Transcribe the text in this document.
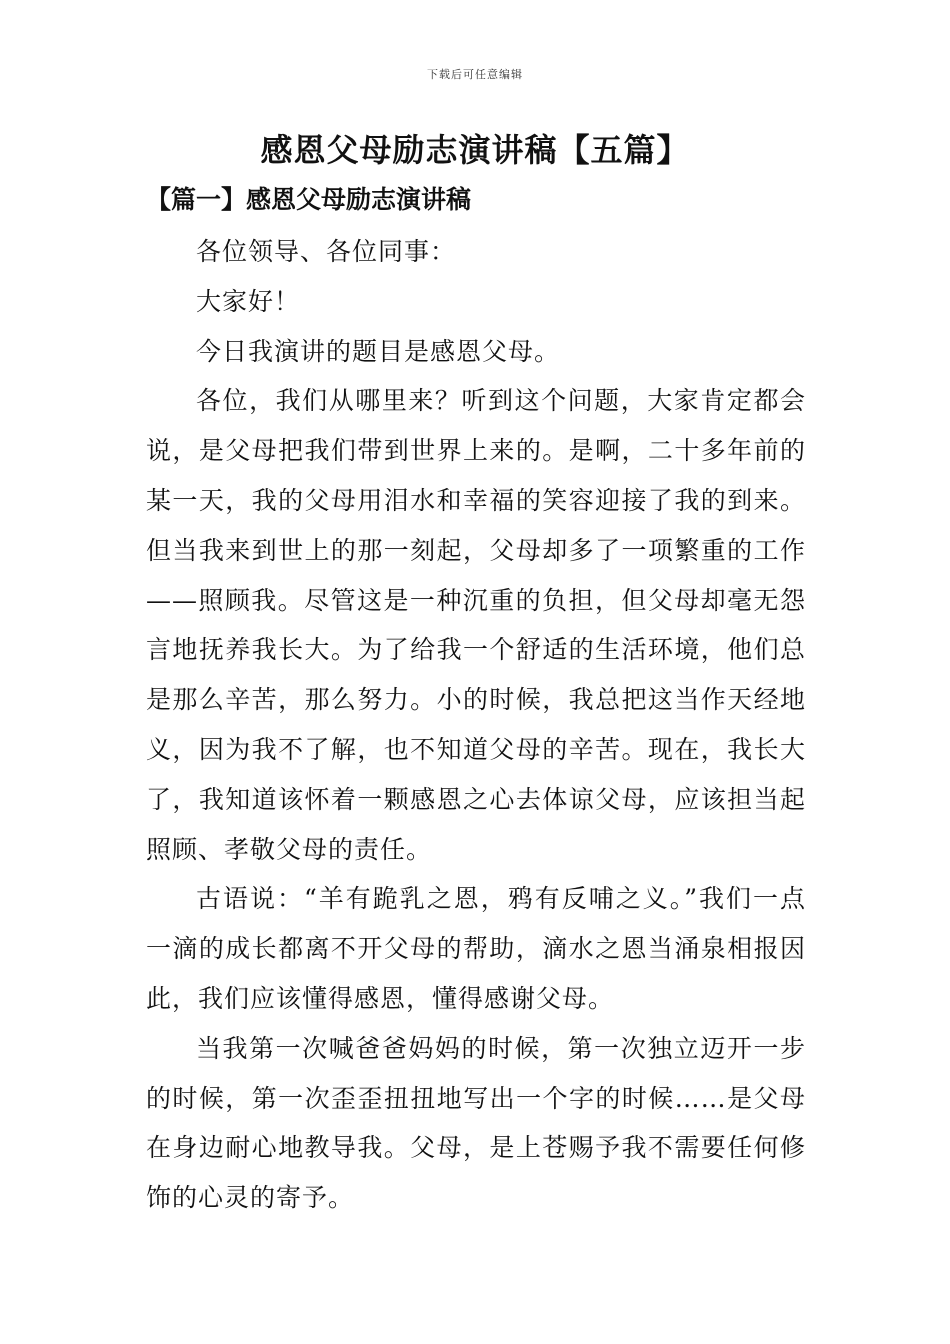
下载后可任意编辑
感恩父母励志演讲稿【五篇】
【篇一】感恩父母励志演讲稿

各位领导、各位同事：

大家好！

今日我演讲的题目是感恩父母。

各位，我们从哪里来？听到这个问题，大家肯定都会说，是父母把我们带到世界上来的。是啊，二十多年前的某一天，我的父母用泪水和幸福的笑容迎接了我的到来。但当我来到世上的那一刻起，父母却多了一项繁重的工作——照顾我。尽管这是一种沉重的负担，但父母却毫无怨言地抚养我长大。为了给我一个舒适的生活环境，他们总是那么辛苦，那么努力。小的时候，我总把这当作天经地义，因为我不了解，也不知道父母的辛苦。现在，我长大了，我知道该怀着一颗感恩之心去体谅父母，应该担当起照顾、孝敬父母的责任。

古语说：“羊有跪乳之恩，鸦有反哺之义。”我们一点一滴的成长都离不开父母的帮助，滴水之恩当涌泉相报因此，我们应该懂得感恩，懂得感谢父母。

当我第一次喊爸爸妈妈的时候，第一次独立迈开一步的时候，第一次歪歪扭扭地写出一个字的时候……是父母在身边耐心地教导我。父母，是上苍赐予我不需要任何修饰的心灵的寄予。
